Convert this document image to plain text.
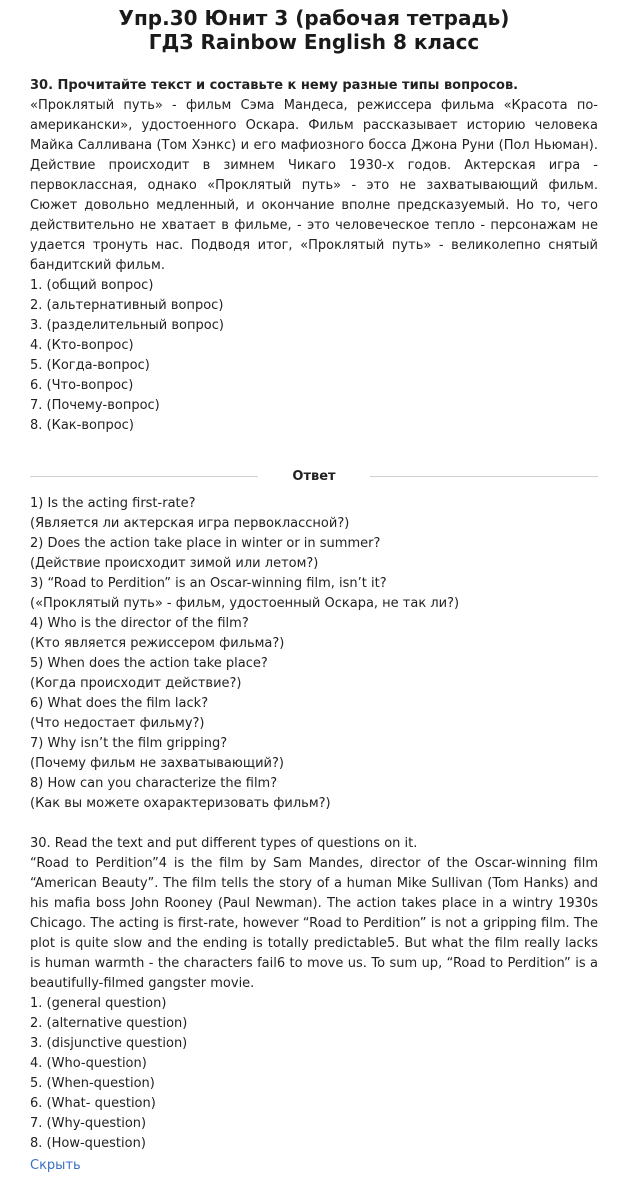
Упр.30 Юнит 3 (рабочая тетрадь)
ГДЗ Rainbow English 8 класс
30. Прочитайте текст и составьте к нему разные типы вопросов.

«Проклятый путь» - фильм Сэма Мандеса, режиссера фильма «Красота по-американски», удостоенного Оскара. Фильм рассказывает историю человека Майка Салливана (Том Хэнкс) и его мафиозного босса Джона Руни (Пол Ньюман). Действие происходит в зимнем Чикаго 1930-х годов. Актерская игра - первоклассная, однако «Проклятый путь» - это не захватывающий фильм. Сюжет довольно медленный, и окончание вполне предсказуемый. Но то, чего действительно не хватает в фильме, - это человеческое тепло - персонажам не удается тронуть нас. Подводя итог, «Проклятый путь» - великолепно снятый бандитский фильм.

1. (общий вопрос)
2. (альтернативный вопрос)
3. (разделительный вопрос)
4. (Кто-вопрос)
5. (Когда-вопрос)
6. (Что-вопрос)
7. (Почему-вопрос)
8. (Как-вопрос)
Ответ
1) Is the acting first-rate?
(Является ли актерская игра первоклассной?)
2) Does the action take place in winter or in summer?
(Действие происходит зимой или летом?)
3) “Road to Perdition” is an Oscar-winning film, isn’t it?
(«Проклятый путь» - фильм, удостоенный Оскара, не так ли?)
4) Who is the director of the film?
(Кто является режиссером фильма?)
5) When does the action take place?
(Когда происходит действие?)
6) What does the film lack?
(Что недостает фильму?)
7) Why isn’t the film gripping?
(Почему фильм не захватывающий?)
8) How can you characterize the film?
(Как вы можете охарактеризовать фильм?)
30. Read the text and put different types of questions on it.

“Road to Perdition”4 is the film by Sam Mandes, director of the Oscar-winning film “American Beauty”. The film tells the story of a human Mike Sullivan (Tom Hanks) and his mafia boss John Rooney (Paul Newman). The action takes place in a wintry 1930s Chicago. The acting is first-rate, however “Road to Perdition” is not a gripping film. The plot is quite slow and the ending is totally predictable5. But what the film really lacks is human warmth - the characters fail6 to move us. To sum up, “Road to Perdition” is a beautifully-filmed gangster movie.

1. (general question)
2. (alternative question)
3. (disjunctive question)
4. (Who-question)
5. (When-question)
6. (What- question)
7. (Why-question)
8. (How-question)
Скрыть
